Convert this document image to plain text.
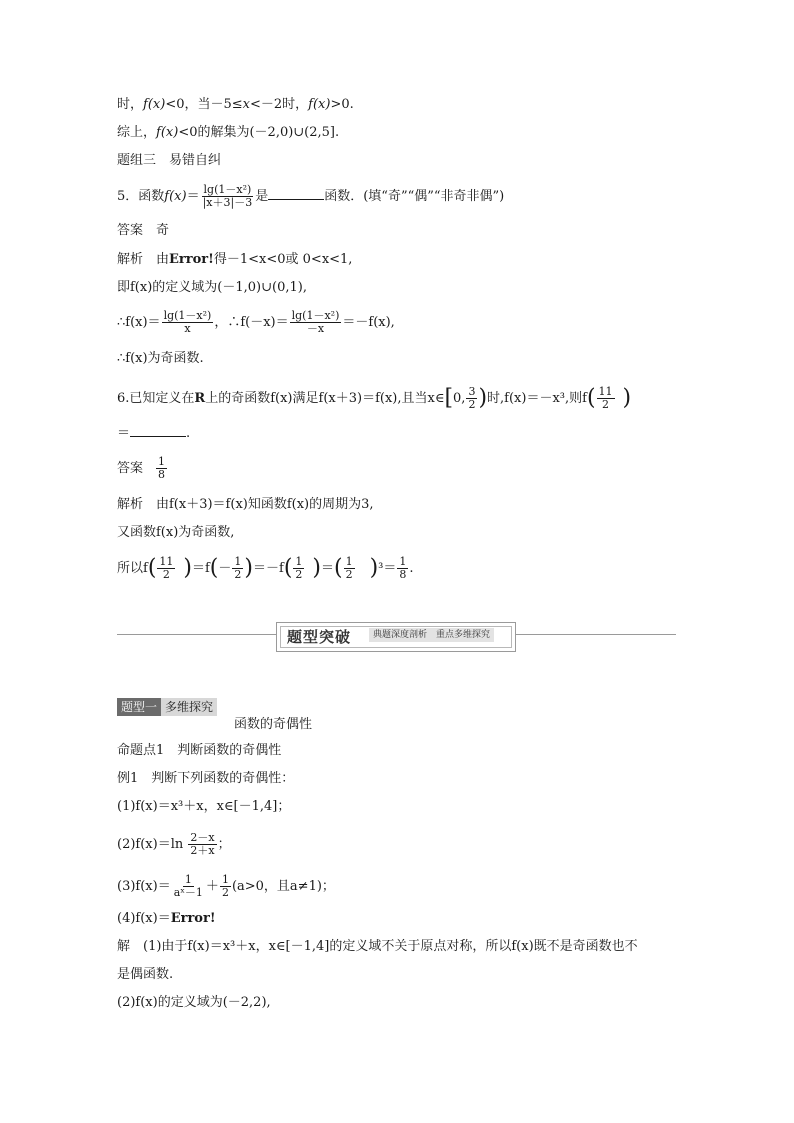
时，f(x)<0，当－5≤x<－2时，f(x)>0.
综上，f(x)<0的解集为(－2,0)∪(2,5].
题组三　易错自纠
5．函数$f(x)= \frac{\text{lg(1－x²)}}{|x+3|-3}$ 是	函数．(填“奇”“偶”“非奇非偶”)
答案　奇
解析　由Error!得－1<x<0或 0<x<1,
即f(x)的定义域为(－1,0)∪(0,1),
∴f(x)＝ $\frac{\text{lg(1－x²)}}{x}$ ，∴f(－x)＝ $\frac{\text{lg(1－x²)}}{-x} =-f(x)$,
∴f(x)为奇函数.
6.已知定义在R上的奇函数f(x)满足f(x＋3)＝f(x),且当x∈[0, $\frac{3}{2}$ )时,f(x)＝－x³,则$f( \frac{11}{2}$ )
＝	.
答案 $\frac{1}{8}$
解析　由f(x＋3)＝f(x)知函数f(x)的周期为3,
又函数f(x)为奇函数,
所以$f( \frac{11}{2} )=f(- \frac{1}{2} )=-f( \frac{1}{2}$ )＝( $\frac{1}{2} )^3= \frac{1}{8}$ .
题型突破	典题深度剖析　重点多维探究
题型一 多维探究
函数的奇偶性
命题点1　判断函数的奇偶性
例1　判断下列函数的奇偶性：
(1)f(x)＝x³＋x，x∈[－1,4]；
$(2)f(x)=\ln \frac{2-x}{2+x}$ ；
$(3)f(x)= \frac{1}{\text{aˣ－1}} + \frac{1}{2} (a>0$，且a≠1)；
(4)f(x)＝Error!
解　(1)由于f(x)＝x³＋x，x∈[－1,4]的定义域不关于原点对称，所以f(x)既不是奇函数也不
是偶函数.
(2)f(x)的定义域为(－2,2),
